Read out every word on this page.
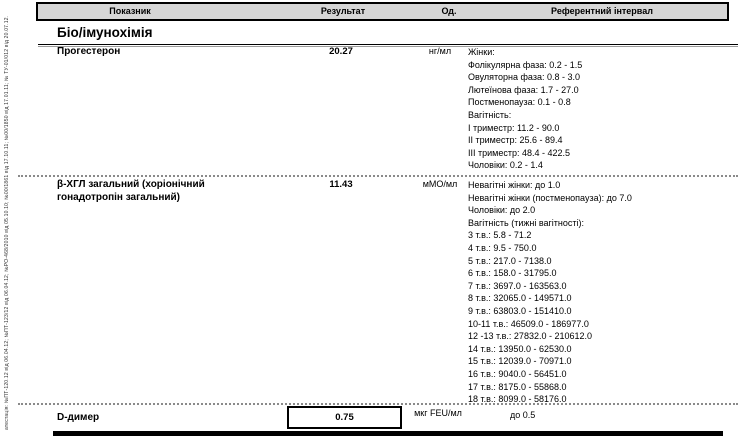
атестація: №ПТ-120.12 від 06.04.12; №ПТ-123/12 від 06.04.12; №РО-468/2010 від 05.10.10; №00/1861 від 17.10.11; №00/1850 від 17.01.11; № ТУ-01/012 від 20.07.12.
Показник	Результат	Од.	Референтний інтервал
Біо/імунохімія
Прогестерон	20.27	нг/мл	Жінки:
Фолікулярна фаза: 0.2 - 1.5
Овуляторна фаза: 0.8 - 3.0
Лютеїнова фаза: 1.7 - 27.0
Постменопауза: 0.1 - 0.8
Вагітність:
I триместр: 11.2 - 90.0
II триместр: 25.6 - 89.4
III триместр: 48.4 - 422.5
Чоловіки: 0.2 - 1.4
β-ХГЛ загальний (хоріонічний гонадотропін загальний)
11.43	мМО/мл	Невагітні жінки: до 1.0
Невагітні жінки (постменопауза): до 7.0
Чоловіки: до 2.0
Вагітність (тижні вагітності):
3 т.в.: 5.8 - 71.2
4 т.в.: 9.5 - 750.0
5 т.в.: 217.0 - 7138.0
6 т.в.: 158.0 - 31795.0
7 т.в.: 3697.0 - 163563.0
8 т.в.: 32065.0 - 149571.0
9 т.в.: 63803.0 - 151410.0
10-11 т.в.: 46509.0 - 186977.0
12 -13 т.в.: 27832.0 - 210612.0
14 т.в.: 13950.0 - 62530.0
15 т.в.: 12039.0 - 70971.0
16 т.в.: 9040.0 - 56451.0
17 т.в.: 8175.0 - 55868.0
18 т.в.: 8099.0 - 58176.0
D-димер	0.75	мкг FEU/мл	до 0.5
